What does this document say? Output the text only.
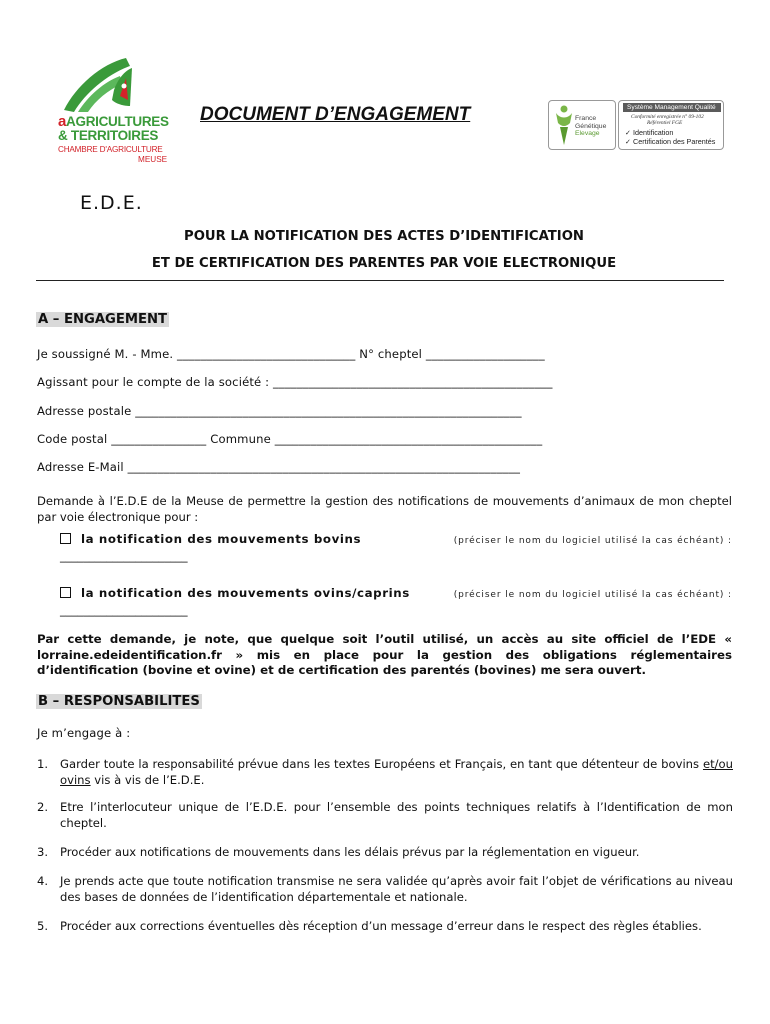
aAGRICULTURES
& TERRITOIRES
CHAMBRE D'AGRICULTURE
MEUSE
DOCUMENT D’ENGAGEMENT	France
Génétique
Elevage
Système Management Qualité
Conformité enregistrée n° 09-102
Référentiel FGE
✓ Identification
✓ Certification des Parentés
E.D.E.
POUR LA NOTIFICATION DES ACTES D’IDENTIFICATION
ET DE CERTIFICATION DES PARENTES PAR VOIE ELECTRONIQUE
A – ENGAGEMENT
Je soussigné M. - Mme. ______________________________ N° cheptel ____________________
Agissant pour le compte de la société : _______________________________________________
Adresse postale _________________________________________________________________
Code postal ________________ Commune _____________________________________________
Adresse E-Mail __________________________________________________________________
Demande à l’E.D.E de la Meuse de permettre la gestion des notifications de mouvements d’animaux de mon cheptel par voie électronique pour :
la notification des mouvements bovins	(préciser le nom du logiciel utilisé la cas échéant) :
______________________
la notification des mouvements ovins/caprins	(préciser le nom du logiciel utilisé la cas échéant) :
______________________
Par cette demande, je note, que quelque soit l’outil utilisé, un accès au site officiel de l’EDE « lorraine.edeidentification.fr » mis en place pour la gestion des obligations réglementaires d’identification (bovine et ovine) et de certification des parentés (bovines) me sera ouvert.
B – RESPONSABILITES
Je m’engage à :
1. Garder toute la responsabilité prévue dans les textes Européens et Français, en tant que détenteur de bovins et/ou ovins vis à vis de l’E.D.E.
2. Etre l’interlocuteur unique de l’E.D.E. pour l’ensemble des points techniques relatifs à l’Identification de mon cheptel.
3. Procéder aux notifications de mouvements dans les délais prévus par la réglementation en vigueur.
4. Je prends acte que toute notification transmise ne sera validée qu’après avoir fait l’objet de vérifications au niveau des bases de données de l’identification départementale et nationale.
5. Procéder aux corrections éventuelles dès réception d’un message d’erreur dans le respect des règles établies.
